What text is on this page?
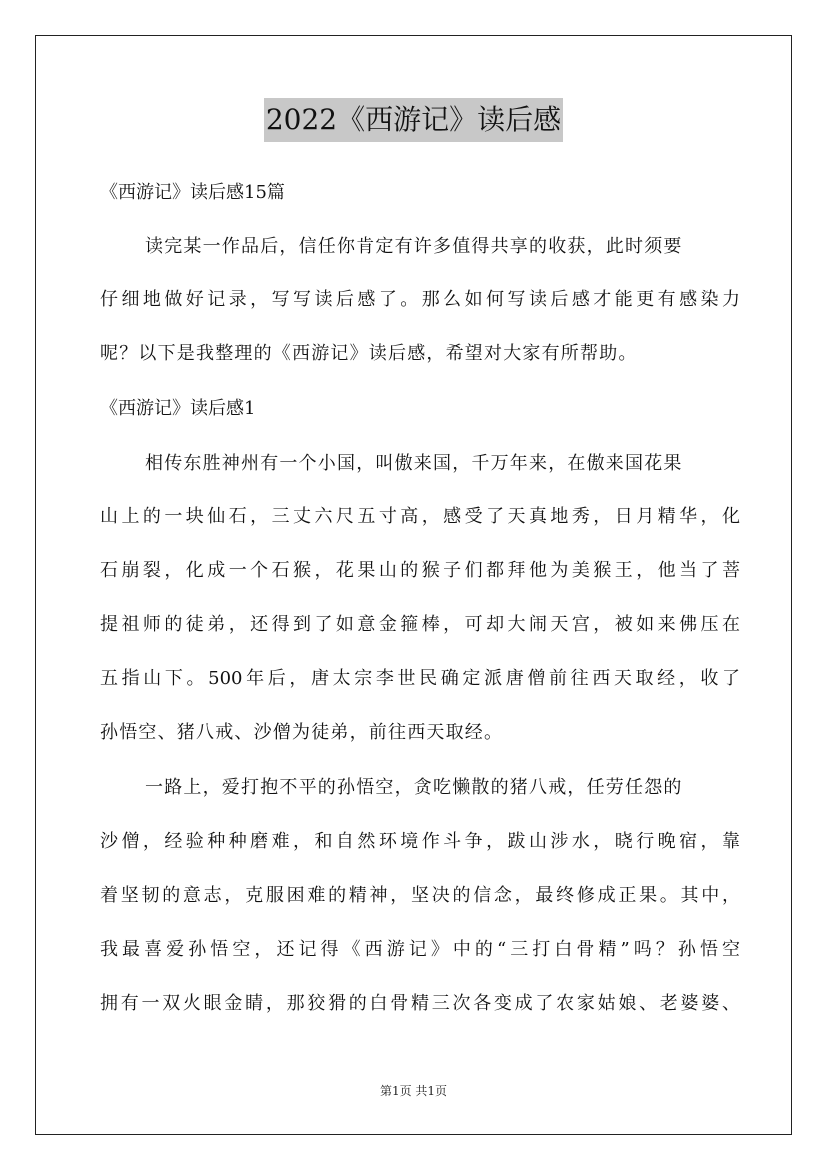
2022《西游记》读后感
《西游记》读后感15篇
读完某一作品后，信任你肯定有许多值得共享的收获，此时须要
仔细地做好记录，写写读后感了。那么如何写读后感才能更有感染力
呢？以下是我整理的《西游记》读后感，希望对大家有所帮助。
《西游记》读后感1
相传东胜神州有一个小国，叫傲来国，千万年来，在傲来国花果
山上的一块仙石，三丈六尺五寸高，感受了天真地秀，日月精华，化
石崩裂，化成一个石猴，花果山的猴子们都拜他为美猴王，他当了菩
提祖师的徒弟，还得到了如意金箍棒，可却大闹天宫，被如来佛压在
五指山下。500年后，唐太宗李世民确定派唐僧前往西天取经，收了
孙悟空、猪八戒、沙僧为徒弟，前往西天取经。
一路上，爱打抱不平的孙悟空，贪吃懒散的猪八戒，任劳任怨的
沙僧，经验种种磨难，和自然环境作斗争，跋山涉水，晓行晚宿，靠
着坚韧的意志，克服困难的精神，坚决的信念，最终修成正果。其中，
我最喜爱孙悟空，还记得《西游记》中的“三打白骨精”吗？孙悟空
拥有一双火眼金睛，那狡猾的白骨精三次各变成了农家姑娘、老婆婆、
第1页 共1页
